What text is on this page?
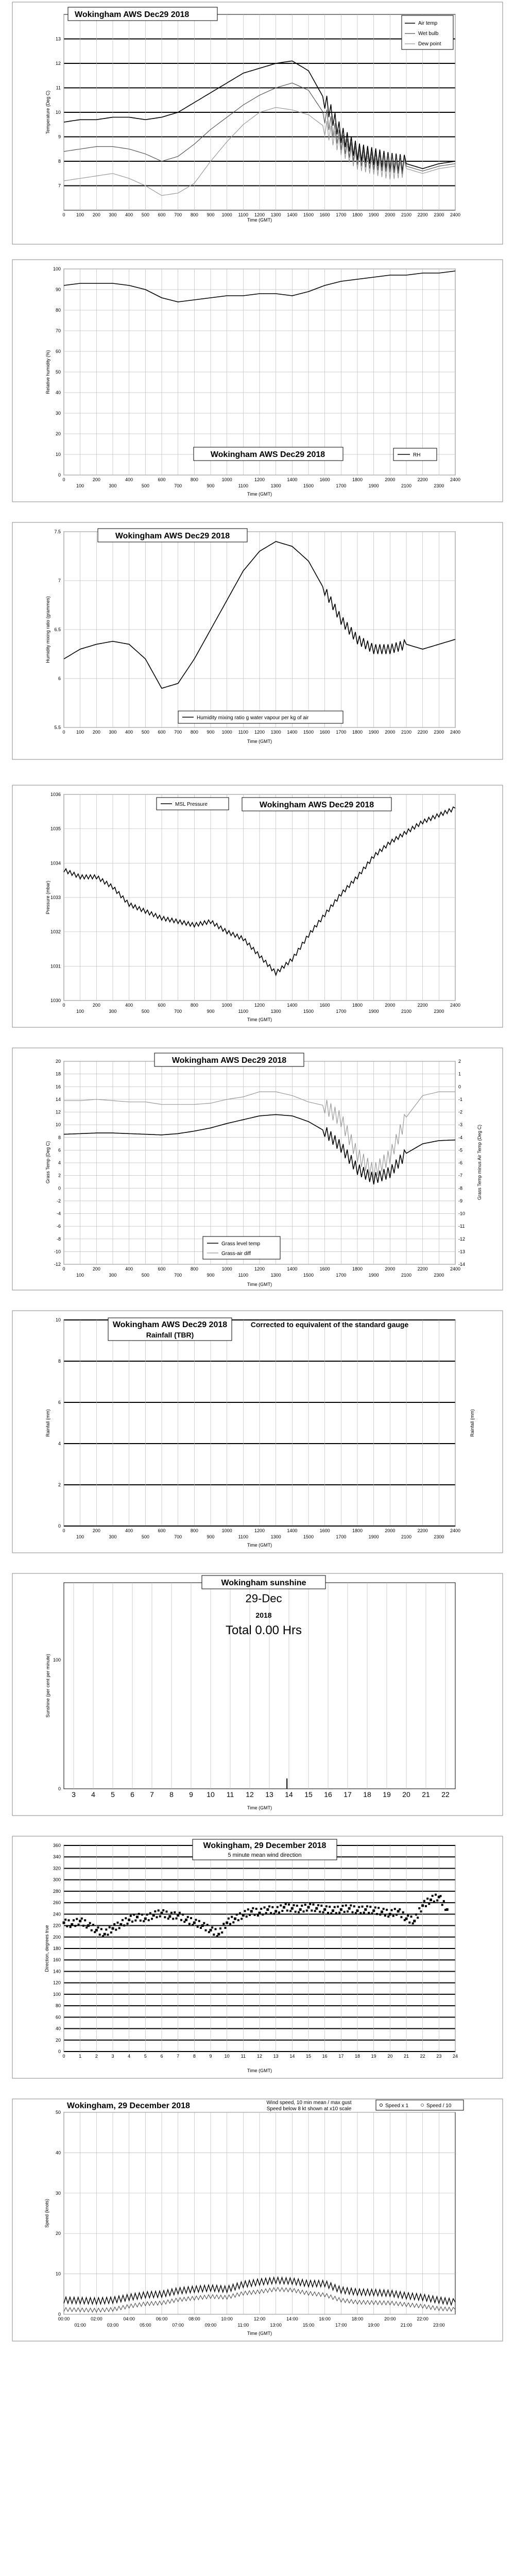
7
8
9
10
11
12
13
0 100 200 300 400 500 600 700 800 900 1000 1100 1200 1300 1400 1500 1600 1700 1800 1900 2000 2100 2200 2300 2400
Wokingham AWS Dec29 2018
Air temp
Wet bulb
Dew point
Temperature (Deg C)
Time (GMT)
0
10
20
30
40
50
60
70
80
90
100
0	200	400	600	800	1000	1200	1400	1600	1800	2000	2200	2400
100	300	500	700	900	1100	1300	1500	1700	1900	2100	2300
Wokingham AWS Dec29 2018	RH
Relative humidity (%)
Time (GMT)
5.5
6
6.5
7
7.5
0 100 200 300 400 500 600 700 800 900 1000 1100 1200 1300 1400 1500 1600 1700 1800 1900 2000 2100 2200 2300 2400
Wokingham AWS Dec29 2018
Humidity mixing ratio g water vapour per kg of air
Humidity mixing ratio (grammes)
Time (GMT)
1030
1031
1032
1033
1034
1035
1036
0	200	400	600	800	1000	1200	1400	1600	1800	2000	2200	2400
100	300	500	700	900	1100	1300	1500	1700	1900	2100	2300
MSL Pressure	Wokingham AWS Dec29 2018
Pressure (mbar)
Time (GMT)
-12
-10
-8
-6
-4
-2
0
2
4
6
8
10
12
14
16
18
20
-14
-13
-12
-11
-10
-9
-8
-7
-6
-5
-4
-3
-2
-1
0
1
2
0	200	400	600	800	1000	1200	1400	1600	1800	2000	2200	2400
100	300	500	700	900	1100	1300	1500	1700	1900	2100	2300
Wokingham AWS Dec29 2018
Grass level temp
Grass-air diff
Grass Temp (Deg C)	Grass Temp minus Air Temp (Deg C)
Time (GMT)
0
2
4
6
8
10
0	200	400	600	800	1000	1200	1400	1600	1800	2000	2200	2400
100	300	500	700	900	1100	1300	1500	1700	1900	2100	2300
Wokingham AWS Dec29 2018
Rainfall (TBR)
Corrected to equivalent of the standard gauge
Rainfall (mm)	Rainfall (mm)
Time (GMT)
3 4 5 6 7 8 9 10 11 12 13 14 15 16 17 18 19 20 21 22
0
100
Wokingham sunshine
29-Dec
2018
Total 0.00 Hrs
Sunshine (per cent per minute)
Time (GMT)
0
20
40
60
80
100
120
140
160
180
200
220
240
260
280
300
320
340
360
0	1	2	3	4	5	6	7	8	9	10 11 12 13 14 15 16 17 18 19 20 21 22 23 24
Wokingham, 29 December 2018
5 minute mean wind direction
Direction, degrees true
Time (GMT)
0
10
20
30
40
50
00:00	02:00	04:00	06:00	08:00	10:00	12:00	14:00	16:00	18:00	20:00	22:00
01:00	03:00	05:00	07:00	09:00	11:00	13:00	15:00	17:00	19:00	21:00	23:00
Wokingham, 29 December 2018	Wind speed, 10 min mean / max gust
Speed below 8 kt shown at x10 scale
Speed x 1	Speed / 10
Speed (knots)
Time (GMT)
